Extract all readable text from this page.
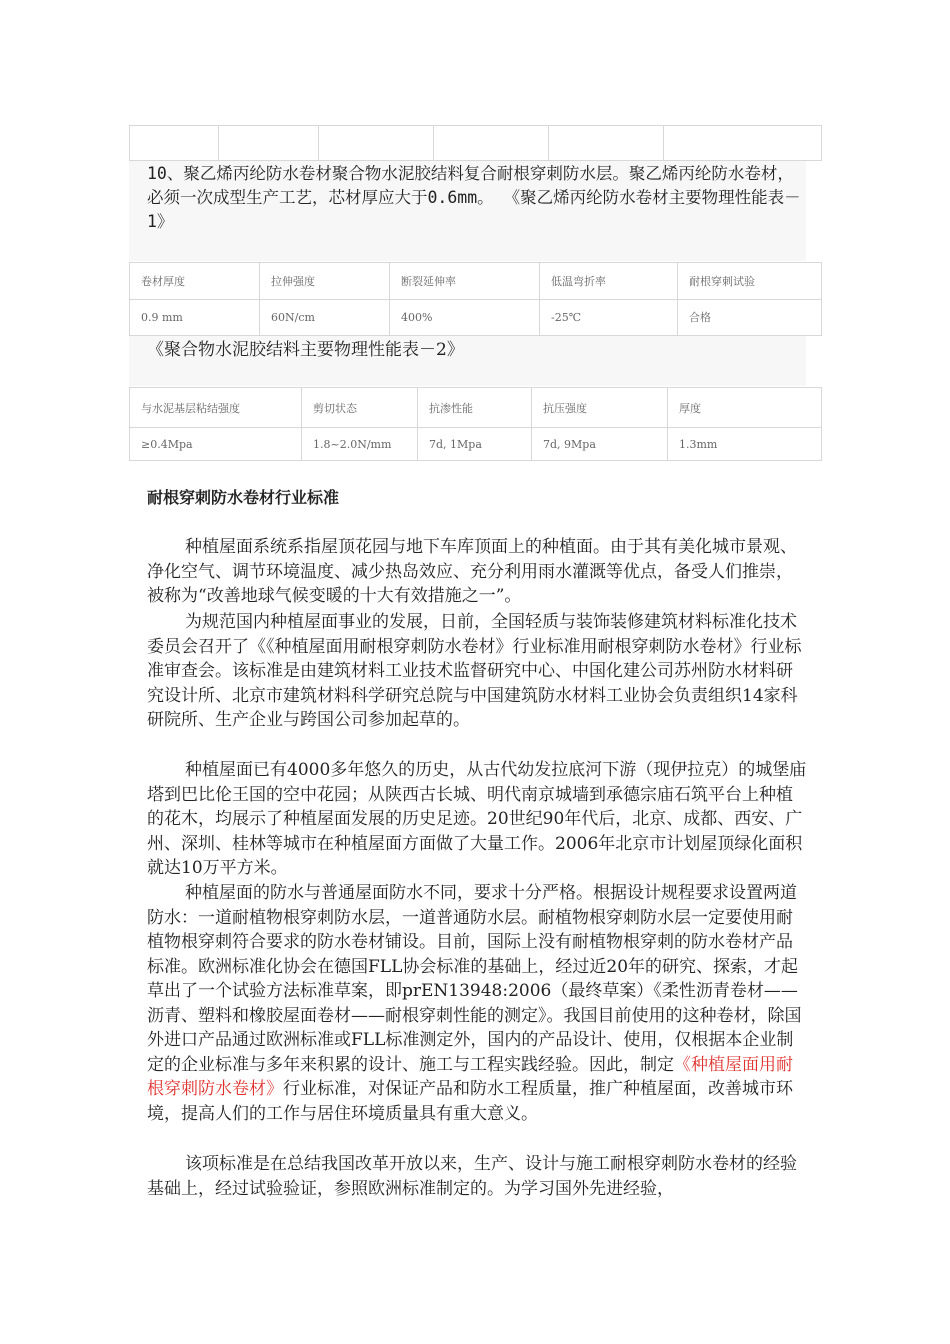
10、聚乙烯丙纶防水卷材聚合物水泥胶结料复合耐根穿刺防水层。聚乙烯丙纶防水卷材，必须一次成型生产工艺，芯材厚应大于0.6mm。 《聚乙烯丙纶防水卷材主要物理性能表－1》

卷材厚度	拉伸强度	断裂延伸率	低温弯折率	耐根穿刺试验
0.9 mm	60N/cm	400%	-25℃	合格

《聚合物水泥胶结料主要物理性能表－2》

与水泥基层粘结强度	剪切状态	抗渗性能	抗压强度	厚度
≥0.4Mpa	1.8~2.0N/mm	7d, 1Mpa	7d, 9Mpa	1.3mm
耐根穿刺防水卷材行业标准

种植屋面系统系指屋顶花园与地下车库顶面上的种植面。由于其有美化城市景观、净化空气、调节环境温度、减少热岛效应、充分利用雨水灌溉等优点，备受人们推崇，被称为“改善地球气候变暖的十大有效措施之一”。

为规范国内种植屋面事业的发展，日前，全国轻质与装饰装修建筑材料标准化技术委员会召开了《《种植屋面用耐根穿刺防水卷材》行业标准用耐根穿刺防水卷材》行业标准审查会。该标准是由建筑材料工业技术监督研究中心、中国化建公司苏州防水材料研究设计所、北京市建筑材料科学研究总院与中国建筑防水材料工业协会负责组织14家科研院所、生产企业与跨国公司参加起草的。

种植屋面已有4000多年悠久的历史，从古代幼发拉底河下游（现伊拉克）的城堡庙塔到巴比伦王国的空中花园；从陕西古长城、明代南京城墙到承德宗庙石筑平台上种植的花木，均展示了种植屋面发展的历史足迹。20世纪90年代后，北京、成都、西安、广州、深圳、桂林等城市在种植屋面方面做了大量工作。2006年北京市计划屋顶绿化面积就达10万平方米。

种植屋面的防水与普通屋面防水不同，要求十分严格。根据设计规程要求设置两道防水：一道耐植物根穿刺防水层，一道普通防水层。耐植物根穿刺防水层一定要使用耐植物根穿刺符合要求的防水卷材铺设。目前，国际上没有耐植物根穿刺的防水卷材产品标准。欧洲标准化协会在德国FLL协会标准的基础上，经过近20年的研究、探索，才起草出了一个试验方法标准草案，即prEN13948:2006（最终草案）《柔性沥青卷材——沥青、塑料和橡胶屋面卷材——耐根穿刺性能的测定》。我国目前使用的这种卷材，除国外进口产品通过欧洲标准或FLL标准测定外，国内的产品设计、使用，仅根据本企业制定的企业标准与多年来积累的设计、施工与工程实践经验。因此，制定《种植屋面用耐根穿刺防水卷材》行业标准，对保证产品和防水工程质量，推广种植屋面，改善城市环境，提高人们的工作与居住环境质量具有重大意义。

该项标准是在总结我国改革开放以来，生产、设计与施工耐根穿刺防水卷材的经验基础上，经过试验验证，参照欧洲标准制定的。为学习国外先进经验，
